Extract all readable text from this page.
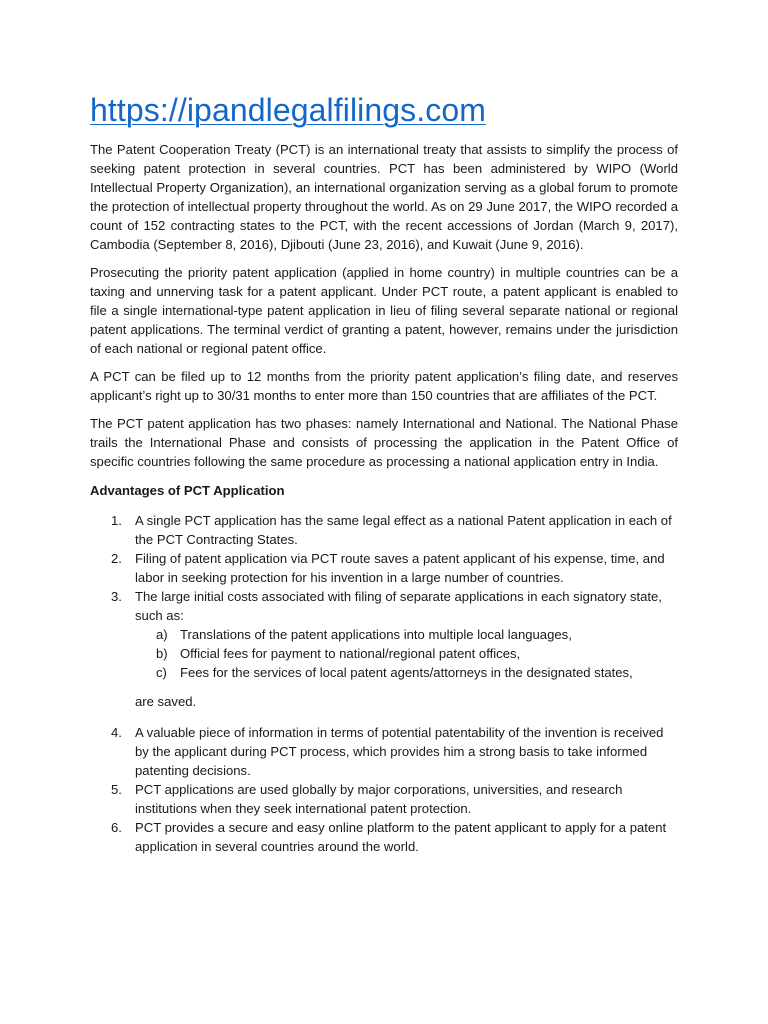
https://ipandlegalfilings.com

The Patent Cooperation Treaty (PCT) is an international treaty that assists to simplify the process of seeking patent protection in several countries. PCT has been administered by WIPO (World Intellectual Property Organization), an international organization serving as a global forum to promote the protection of intellectual property throughout the world. As on 29 June 2017, the WIPO recorded a count of 152 contracting states to the PCT, with the recent accessions of Jordan (March 9, 2017), Cambodia (September 8, 2016), Djibouti (June 23, 2016), and Kuwait (June 9, 2016).

Prosecuting the priority patent application (applied in home country) in multiple countries can be a taxing and unnerving task for a patent applicant. Under PCT route, a patent applicant is enabled to file a single international-type patent application in lieu of filing several separate national or regional patent applications. The terminal verdict of granting a patent, however, remains under the jurisdiction of each national or regional patent office.

A PCT can be filed up to 12 months from the priority patent application’s filing date, and reserves applicant’s right up to 30/31 months to enter more than 150 countries that are affiliates of the PCT.

The PCT patent application has two phases: namely International and National. The National Phase trails the International Phase and consists of processing the application in the Patent Office of specific countries following the same procedure as processing a national application entry in India.

Advantages of PCT Application
1. A single PCT application has the same legal effect as a national Patent application in each of the PCT Contracting States.
2. Filing of patent application via PCT route saves a patent applicant of his expense, time, and labor in seeking protection for his invention in a large number of countries.
3. The large initial costs associated with filing of separate applications in each signatory state, such as:
a) Translations of the patent applications into multiple local languages,
b) Official fees for payment to national/regional patent offices,
c) Fees for the services of local patent agents/attorneys in the designated states,
are saved.
4. A valuable piece of information in terms of potential patentability of the invention is received by the applicant during PCT process, which provides him a strong basis to take informed patenting decisions.
5. PCT applications are used globally by major corporations, universities, and research institutions when they seek international patent protection.
6. PCT provides a secure and easy online platform to the patent applicant to apply for a patent application in several countries around the world.
